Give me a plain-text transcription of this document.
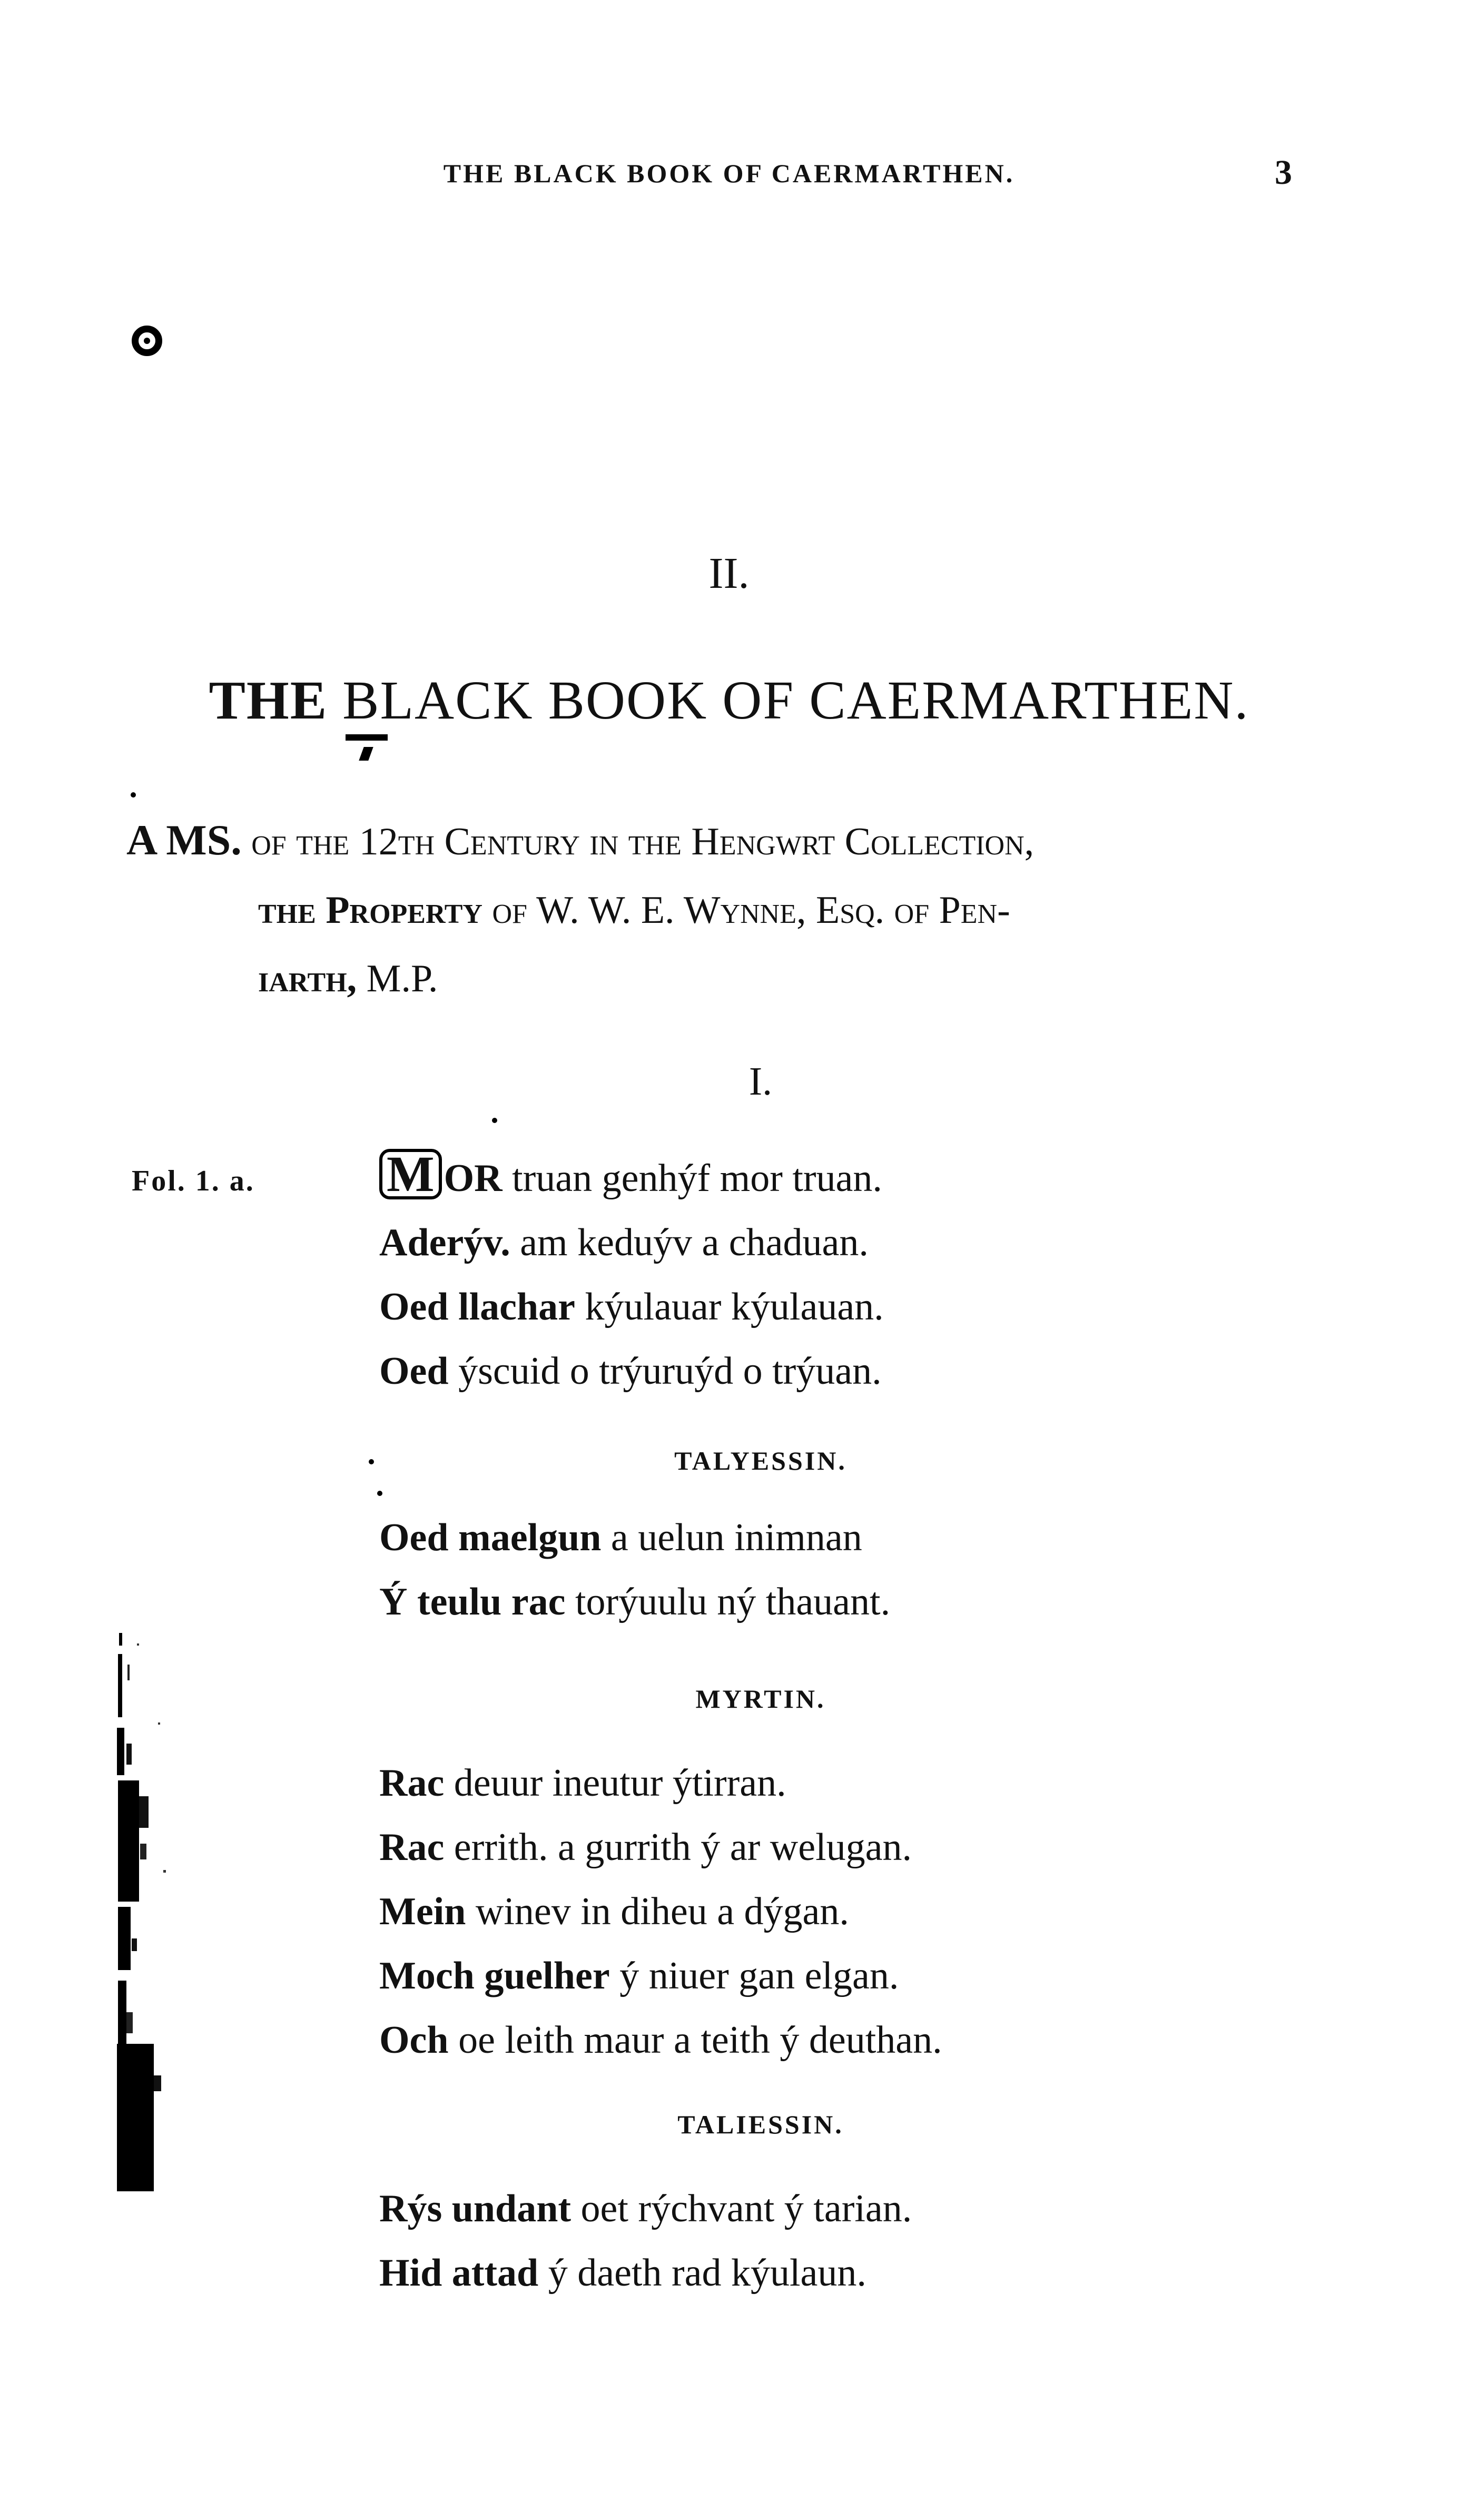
THE BLACK BOOK OF CAERMARTHEN.	3
II.
THE BLACK BOOK OF CAERMARTHEN.
A MS. of the 12th Century in the Hengwrt Collection,
the Property of W. W. E. Wynne, Esq. of Pen-
iarth, M.P.
I.
Fol. 1. a.	M OR truan genhýf mor truan.
Aderýv. am keduýv a chaduan.
Oed llachar kýulauar kýulauan.
Oed ýscuid o trýuruýd o trýuan.
TALYESSIN.
Oed maelgun a uelun inimnan
Ý teulu rac torýuulu ný thauant.
MYRTIN.
Rac deuur ineutur ýtirran.
Rac errith. a gurrith ý ar welugan.
Mein winev in diheu a dýgan.
Moch guelher ý niuer gan elgan.
Och oe leith maur a teith ý deuthan.
TALIESSIN.
Rýs undant oet rýchvant ý tarian.
Hid attad ý daeth rad kýulaun.
